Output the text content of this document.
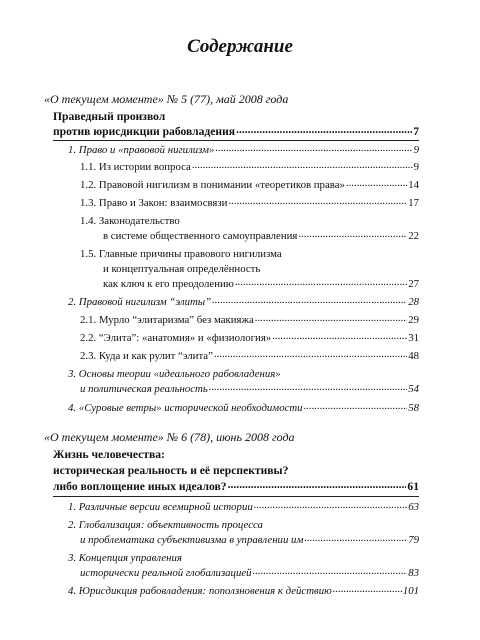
Содержание
«О текущем моменте» № 5 (77), май 2008 года
Праведный произвол
против юрисдикции рабовладения .....	7
1. Право и «правовой нигилизм» .....	9
1.1. Из истории вопроса .....	9
1.2. Правовой нигилизм в понимании «теоретиков права» .....	14
1.3. Право и Закон: взаимосвязи .....	17
1.4. Законодательство
в системе общественного самоуправления .....	22
1.5. Главные причины правового нигилизма
и концептуальная определённость
как ключ к его преодолению .....	27
2. Правовой нигилизм “элиты” .....	28
2.1. Мурло “элитаризма” без макияжа .....	29
2.2. “Элита”: «анатомия» и «физиология» .....	31
2.3. Куда и как рулит “элита” .....	48
3. Основы теории «идеального рабовладения»
и политическая реальность .....	54
4. «Суровые ветры» исторической необходимости .....	58
«О текущем моменте» № 6 (78), июнь 2008 года
Жизнь человечества:
историческая реальность и её перспективы?
либо воплощение иных идеалов? .....	61
1. Различные версии всемирной истории .....	63
2. Глобализация: объективность процесса
и проблематика субъективизма в управлении им .....	79
3. Концепция управления
исторически реальной глобализацией .....	83
4. Юрисдикция рабовладения: поползновения к действию .....	101
